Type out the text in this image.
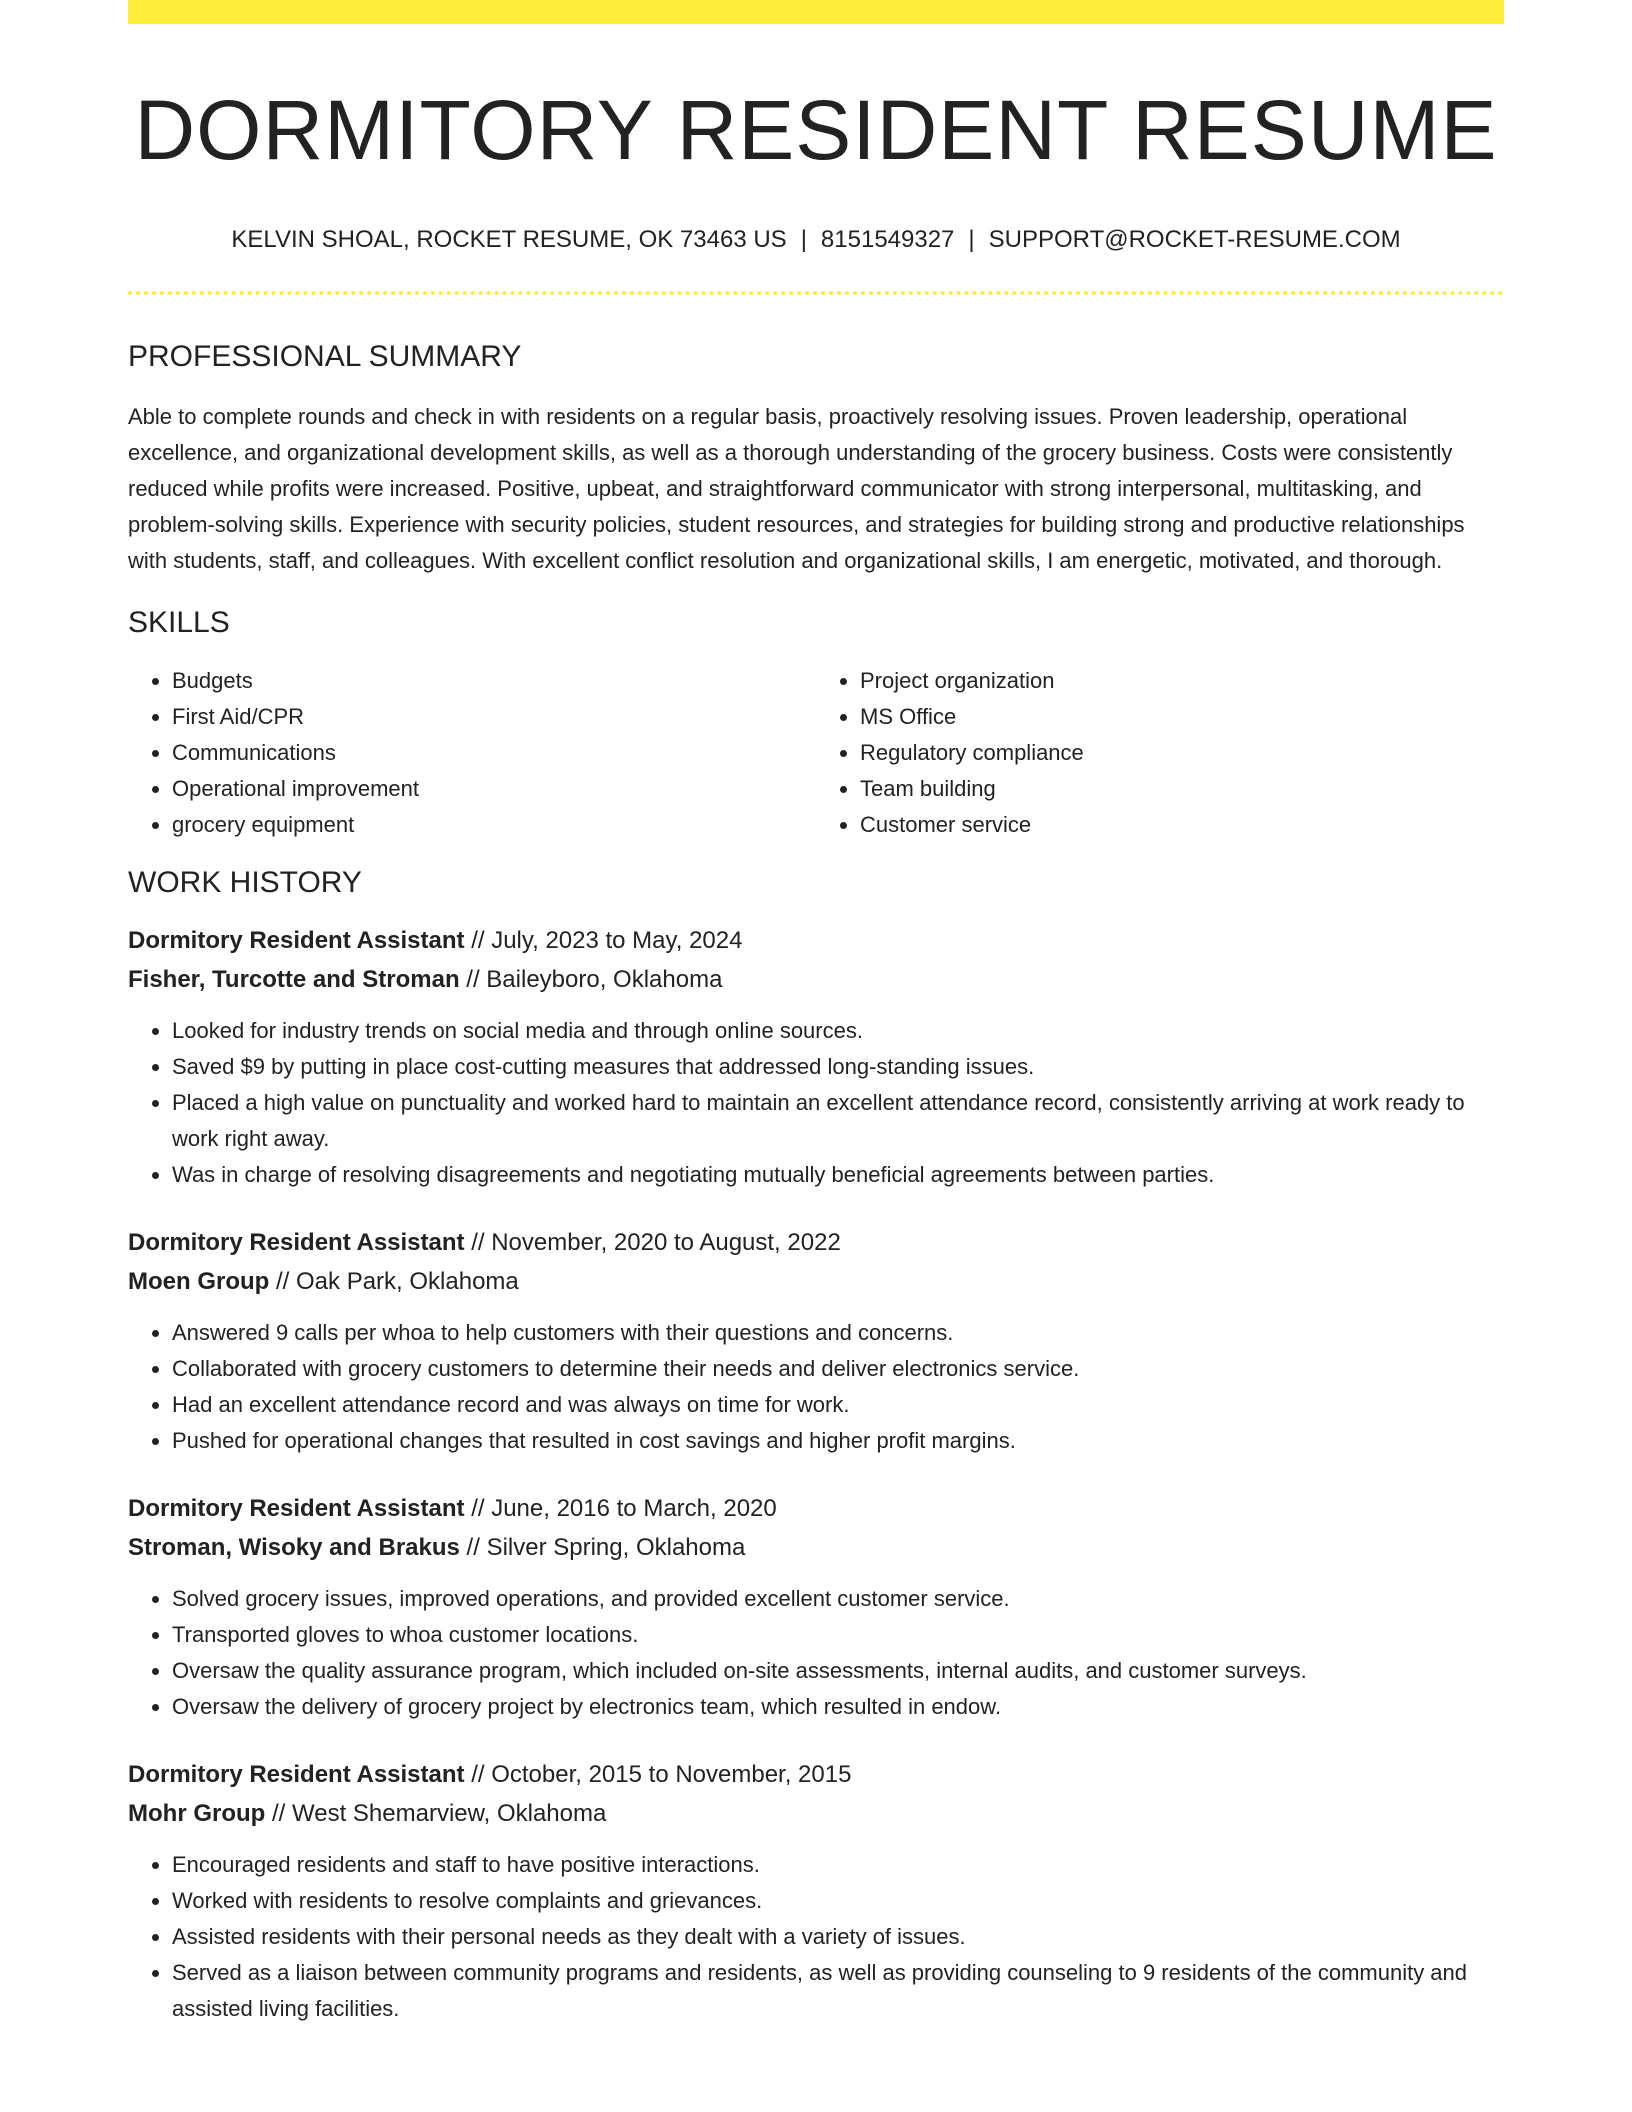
DORMITORY RESIDENT RESUME
KELVIN SHOAL, ROCKET RESUME, OK 73463 US | 8151549327 | SUPPORT@ROCKET-RESUME.COM
PROFESSIONAL SUMMARY

Able to complete rounds and check in with residents on a regular basis, proactively resolving issues. Proven leadership, operational excellence, and organizational development skills, as well as a thorough understanding of the grocery business. Costs were consistently reduced while profits were increased. Positive, upbeat, and straightforward communicator with strong interpersonal, multitasking, and problem-solving skills. Experience with security policies, student resources, and strategies for building strong and productive relationships with students, staff, and colleagues. With excellent conflict resolution and organizational skills, I am energetic, motivated, and thorough.

SKILLS
• Budgets
• First Aid/CPR
• Communications
• Operational improvement
• grocery equipment
• Project organization
• MS Office
• Regulatory compliance
• Team building
• Customer service
WORK HISTORY
Dormitory Resident Assistant // July, 2023 to May, 2024
Fisher, Turcotte and Stroman // Baileyboro, Oklahoma
• Looked for industry trends on social media and through online sources.
• Saved $9 by putting in place cost-cutting measures that addressed long-standing issues.
• Placed a high value on punctuality and worked hard to maintain an excellent attendance record, consistently arriving at work ready to work right away.
• Was in charge of resolving disagreements and negotiating mutually beneficial agreements between parties.
Dormitory Resident Assistant // November, 2020 to August, 2022
Moen Group // Oak Park, Oklahoma
• Answered 9 calls per whoa to help customers with their questions and concerns.
• Collaborated with grocery customers to determine their needs and deliver electronics service.
• Had an excellent attendance record and was always on time for work.
• Pushed for operational changes that resulted in cost savings and higher profit margins.
Dormitory Resident Assistant // June, 2016 to March, 2020
Stroman, Wisoky and Brakus // Silver Spring, Oklahoma
• Solved grocery issues, improved operations, and provided excellent customer service.
• Transported gloves to whoa customer locations.
• Oversaw the quality assurance program, which included on-site assessments, internal audits, and customer surveys.
• Oversaw the delivery of grocery project by electronics team, which resulted in endow.
Dormitory Resident Assistant // October, 2015 to November, 2015
Mohr Group // West Shemarview, Oklahoma
• Encouraged residents and staff to have positive interactions.
• Worked with residents to resolve complaints and grievances.
• Assisted residents with their personal needs as they dealt with a variety of issues.
• Served as a liaison between community programs and residents, as well as providing counseling to 9 residents of the community and assisted living facilities.
